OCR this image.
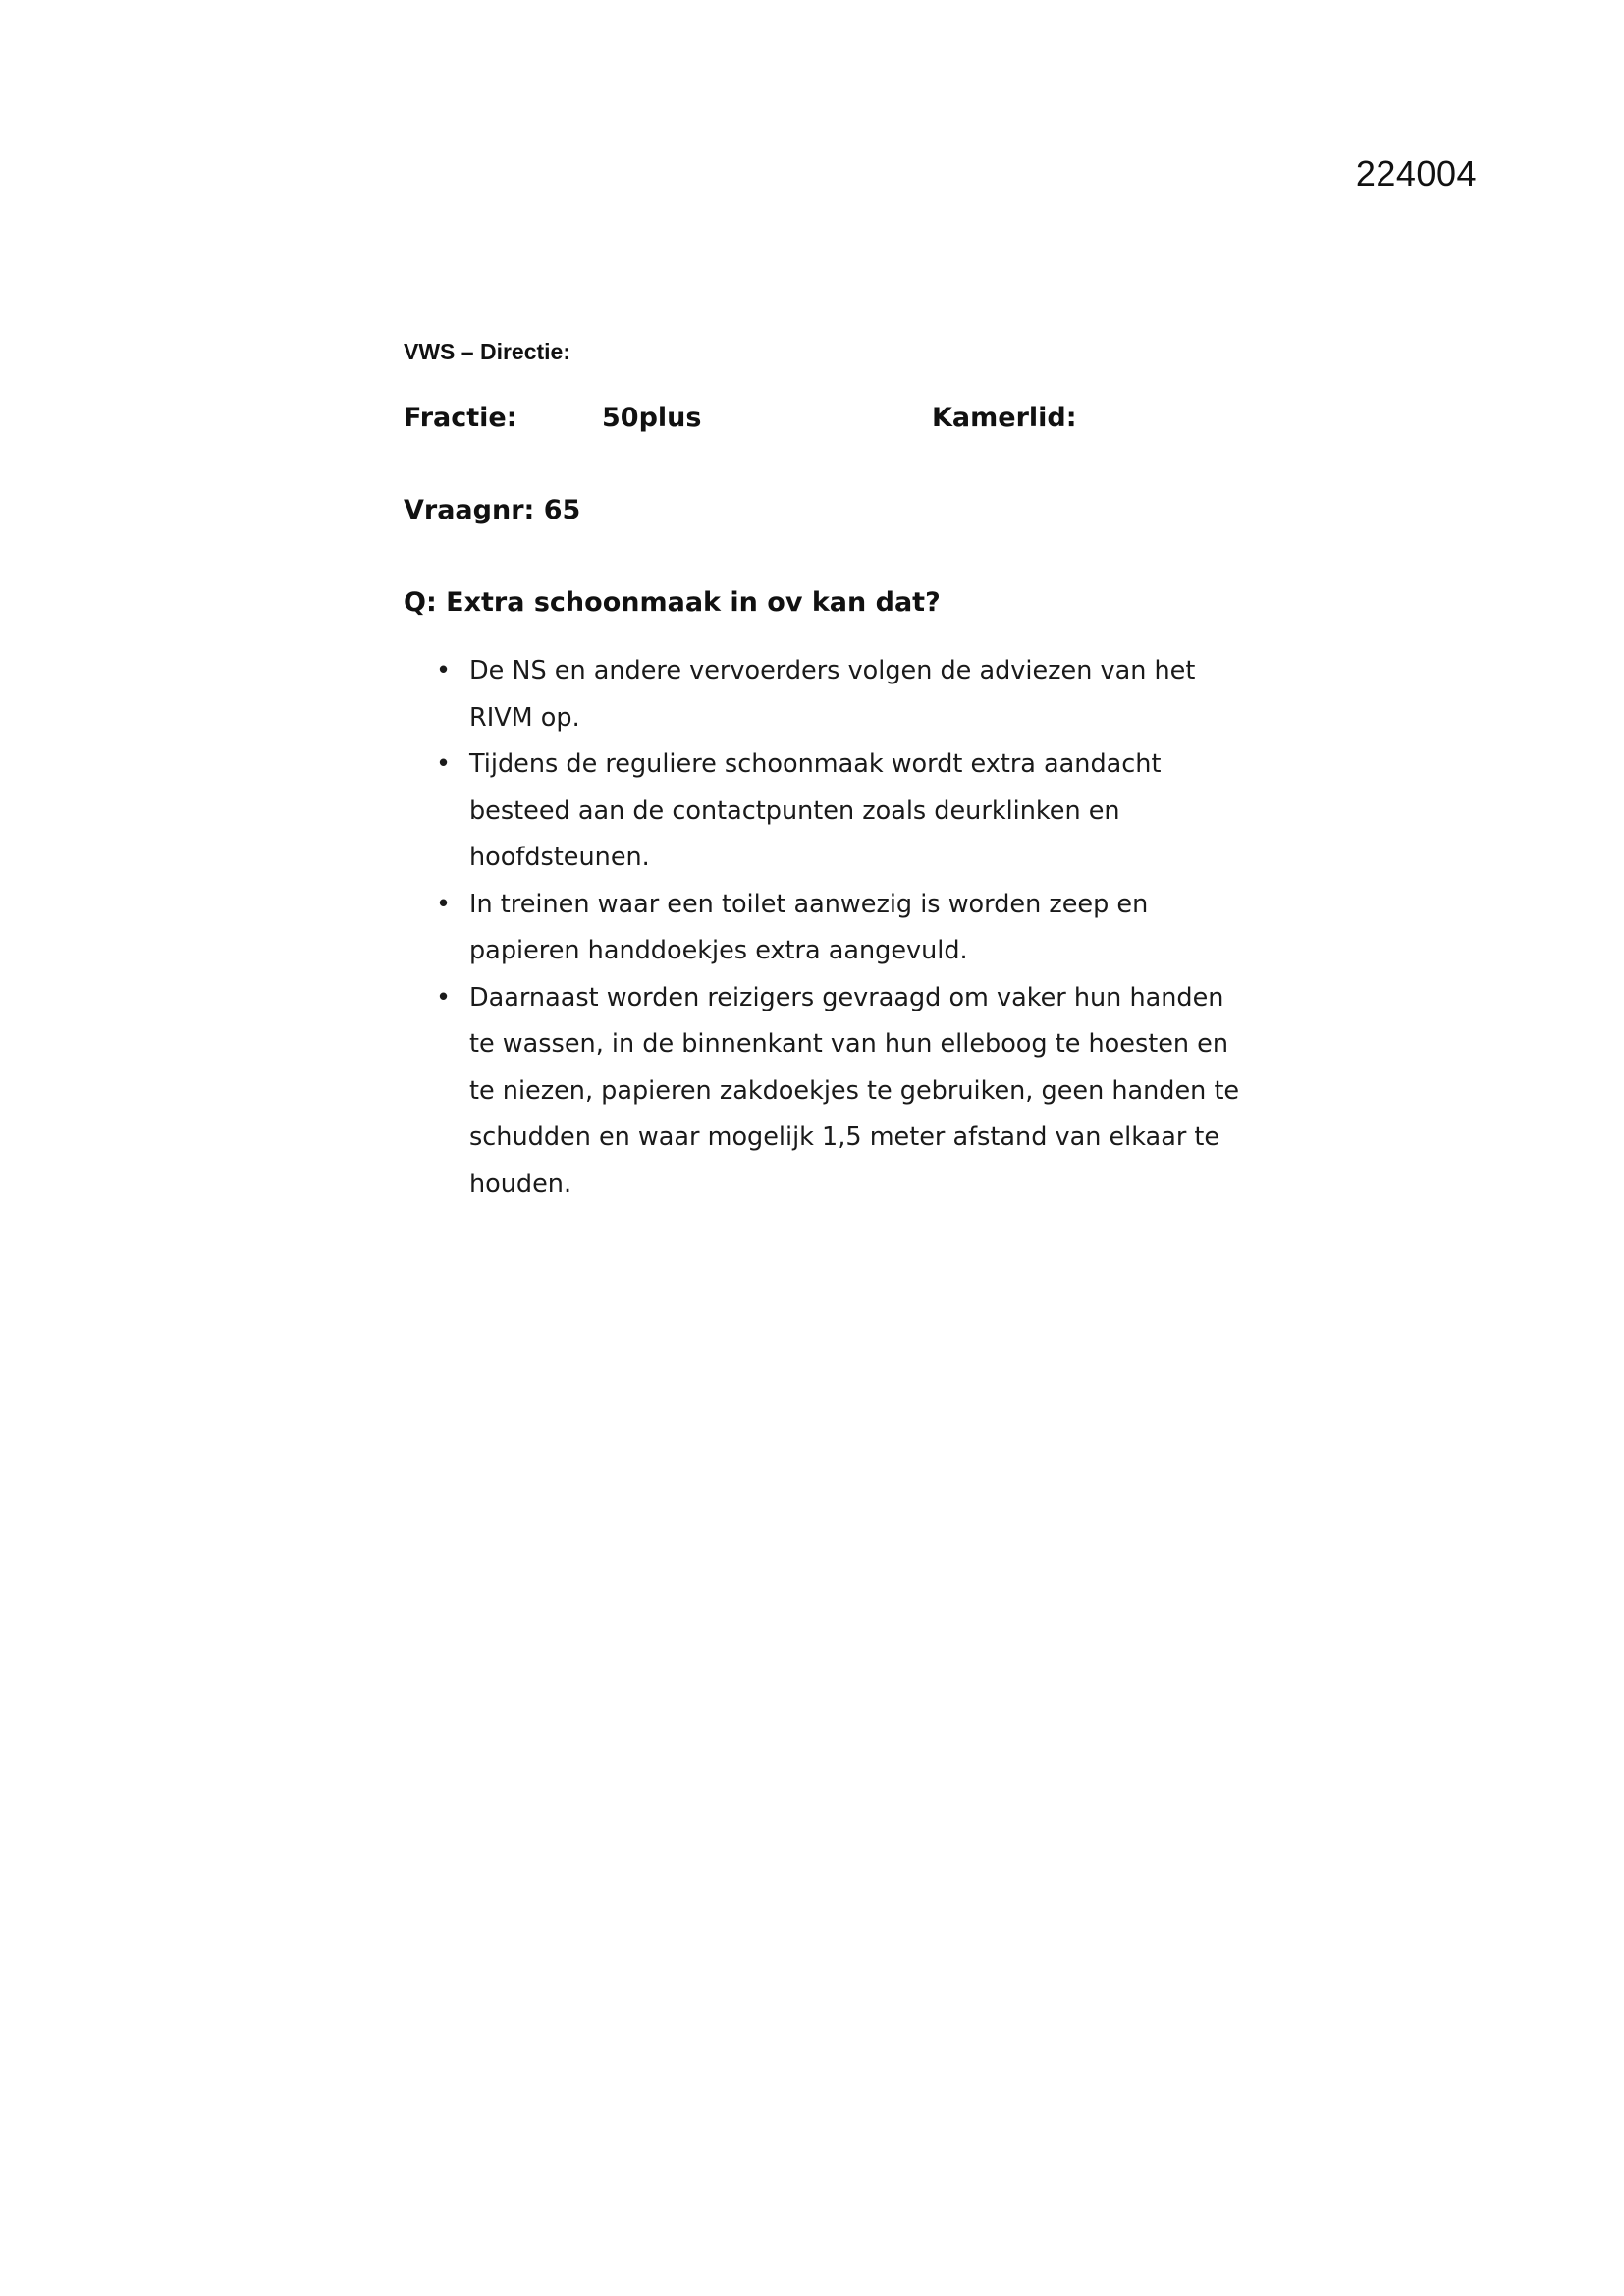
224004

VWS – Directie:

Fractie:	50plus	Kamerlid:
Vraagnr: 65
Q: Extra schoonmaak in ov kan dat?
• De NS en andere vervoerders volgen de adviezen van het RIVM op.
• Tijdens de reguliere schoonmaak wordt extra aandacht besteed aan de contactpunten zoals deurklinken en hoofdsteunen.
• In treinen waar een toilet aanwezig is worden zeep en papieren handdoekjes extra aangevuld.
• Daarnaast worden reizigers gevraagd om vaker hun handen te wassen, in de binnenkant van hun elleboog te hoesten en te niezen, papieren zakdoekjes te gebruiken, geen handen te schudden en waar mogelijk 1,5 meter afstand van elkaar te houden.
